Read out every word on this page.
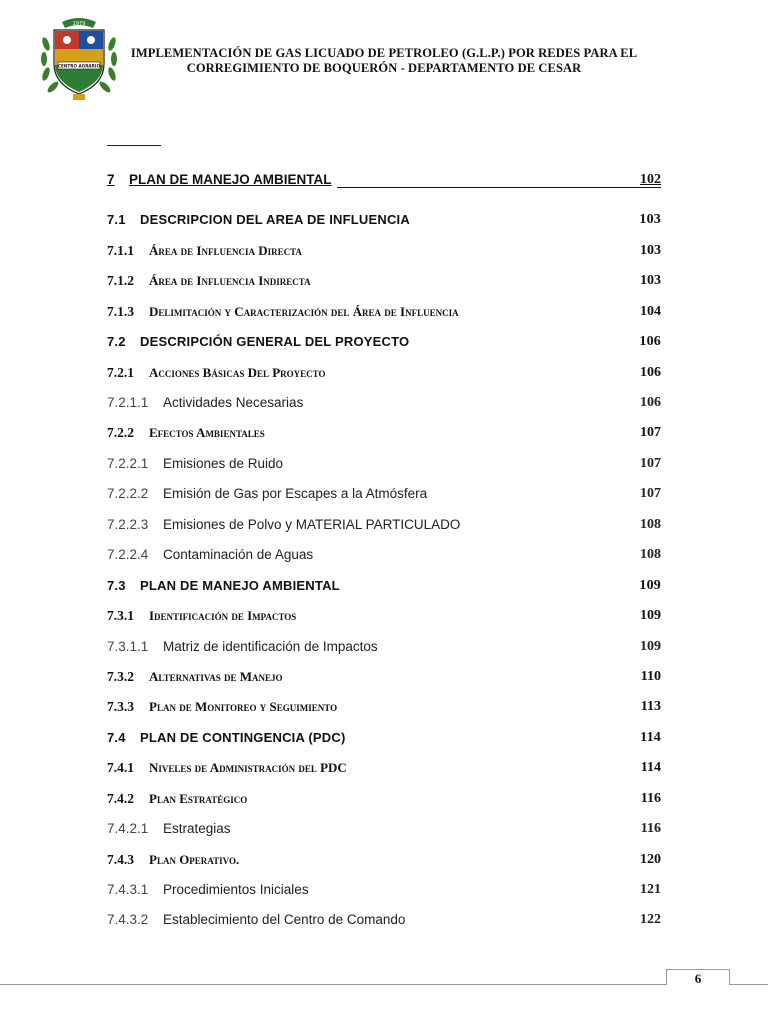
1979
CENTRO AGRARIO
IMPLEMENTACIÓN DE GAS LICUADO DE PETROLEO (G.L.P.) POR REDES PARA EL
CORREGIMIENTO DE BOQUERÓN - DEPARTAMENTO DE CESAR
7 PLAN DE MANEJO AMBIENTAL	102
7.1 DESCRIPCION DEL AREA DE INFLUENCIA	103
7.1.1 Área de Influencia Directa	103
7.1.2 Área de Influencia Indirecta	103
7.1.3 Delimitación y Caracterización del Área de Influencia	104
7.2 DESCRIPCIÓN GENERAL DEL PROYECTO	106
7.2.1 Acciones Básicas Del Proyecto	106
7.2.1.1 Actividades Necesarias	106
7.2.2 Efectos Ambientales	107
7.2.2.1 Emisiones de Ruido	107
7.2.2.2 Emisión de Gas por Escapes a la Atmósfera	107
7.2.2.3 Emisiones de Polvo y MATERIAL PARTICULADO	108
7.2.2.4 Contaminación de Aguas	108
7.3 PLAN DE MANEJO AMBIENTAL	109
7.3.1 Identificación de Impactos	109
7.3.1.1 Matriz de identificación de Impactos	109
7.3.2 Alternativas de Manejo	110
7.3.3 Plan de Monitoreo y Seguimiento	113
7.4 PLAN DE CONTINGENCIA (PDC)	114
7.4.1 Niveles de Administración del PDC	114
7.4.2 Plan Estratégico	116
7.4.2.1 Estrategias	116
7.4.3 Plan Operativo.	120
7.4.3.1 Procedimientos Iniciales	121
7.4.3.2 Establecimiento del Centro de Comando	122
6
